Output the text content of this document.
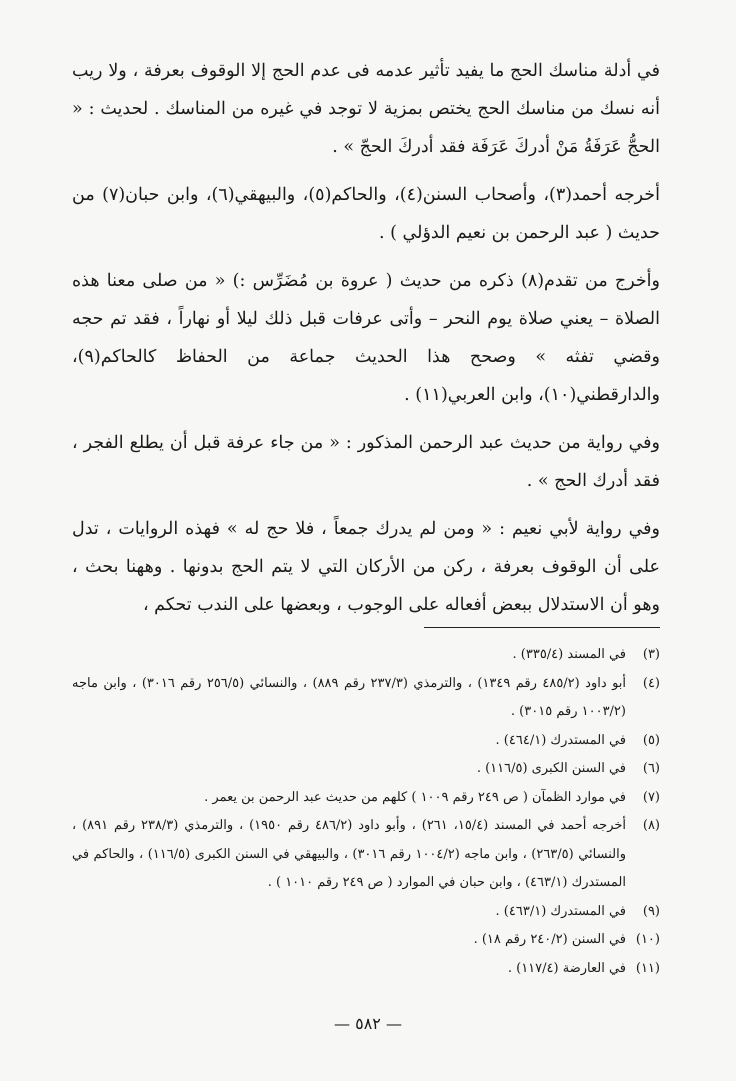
في أدلة مناسك الحج ما يفيد تأثير عدمه فى عدم الحج إلا الوقوف بعرفة ، ولا ريب أنه نسك من مناسك الحج يختص بمزية لا توجد في غيره من المناسك . لحديث : « الحجُّ عَرَفَةُ مَنْ أدركَ عَرَفَة فقد أدركَ الحجّ » .

أخرجه أحمد(٣)، وأصحاب السنن(٤)، والحاكم(٥)، والبيهقي(٦)، وابن حبان(٧) من حديث ( عبد الرحمن بن نعيم الدؤلي ) .

وأخرج من تقدم(٨) ذكره من حديث ( عروة بن مُضَرِّس :) « من صلى معنا هذه الصلاة – يعني صلاة يوم النحر – وأتى عرفات قبل ذلك ليلا أو نهاراً ، فقد تم حجه وقضي تفثه » وصحح هذا الحديث جماعة من الحفاظ كالحاكم(٩)، والدارقطني(١٠)، وابن العربي(١١) .

وفي رواية من حديث عبد الرحمن المذكور : « من جاء عرفة قبل أن يطلع الفجر ، فقد أدرك الحج » .

وفي رواية لأبي نعيم : « ومن لم يدرك جمعاً ، فلا حج له » فهذه الروايات ، تدل على أن الوقوف بعرفة ، ركن من الأركان التي لا يتم الحج بدونها . وههنا بحث ، وهو أن الاستدلال ببعض أفعاله على الوجوب ، وبعضها على الندب تحكم ،

(٣)
في المسند (٣٣٥/٤) .
(٤)
أبو داود (٤٨٥/٢ رقم ١٣٤٩) ، والترمذي (٢٣٧/٣ رقم ٨٨٩) ، والنسائي (٢٥٦/٥ رقم ٣٠١٦) ، وابن ماجه (١٠٠٣/٢ رقم ٣٠١٥) .
(٥)
في المستدرك (٤٦٤/١) .
(٦)
في السنن الكبرى (١١٦/٥) .
(٧)
في موارد الظمآن ( ص ٢٤٩ رقم ١٠٠٩ ) كلهم من حديث عبد الرحمن بن يعمر .
(٨)
أخرجه أحمد في المسند (١٥/٤، ٢٦١) ، وأبو داود (٤٨٦/٢ رقم ١٩٥٠) ، والترمذي (٢٣٨/٣ رقم ٨٩١) ، والنسائي (٢٦٣/٥) ، وابن ماجه (١٠٠٤/٢ رقم ٣٠١٦) ، والبيهقي في السنن الكبرى (١١٦/٥) ، والحاكم في المستدرك (٤٦٣/١) ، وابن حبان في الموارد ( ص ٢٤٩ رقم ١٠١٠ ) .
(٩)
في المستدرك (٤٦٣/١) .
(١٠)
في السنن (٢٤٠/٢ رقم ١٨) .
(١١)
في العارضة (١١٧/٤) .
— ٥٨٢ —
